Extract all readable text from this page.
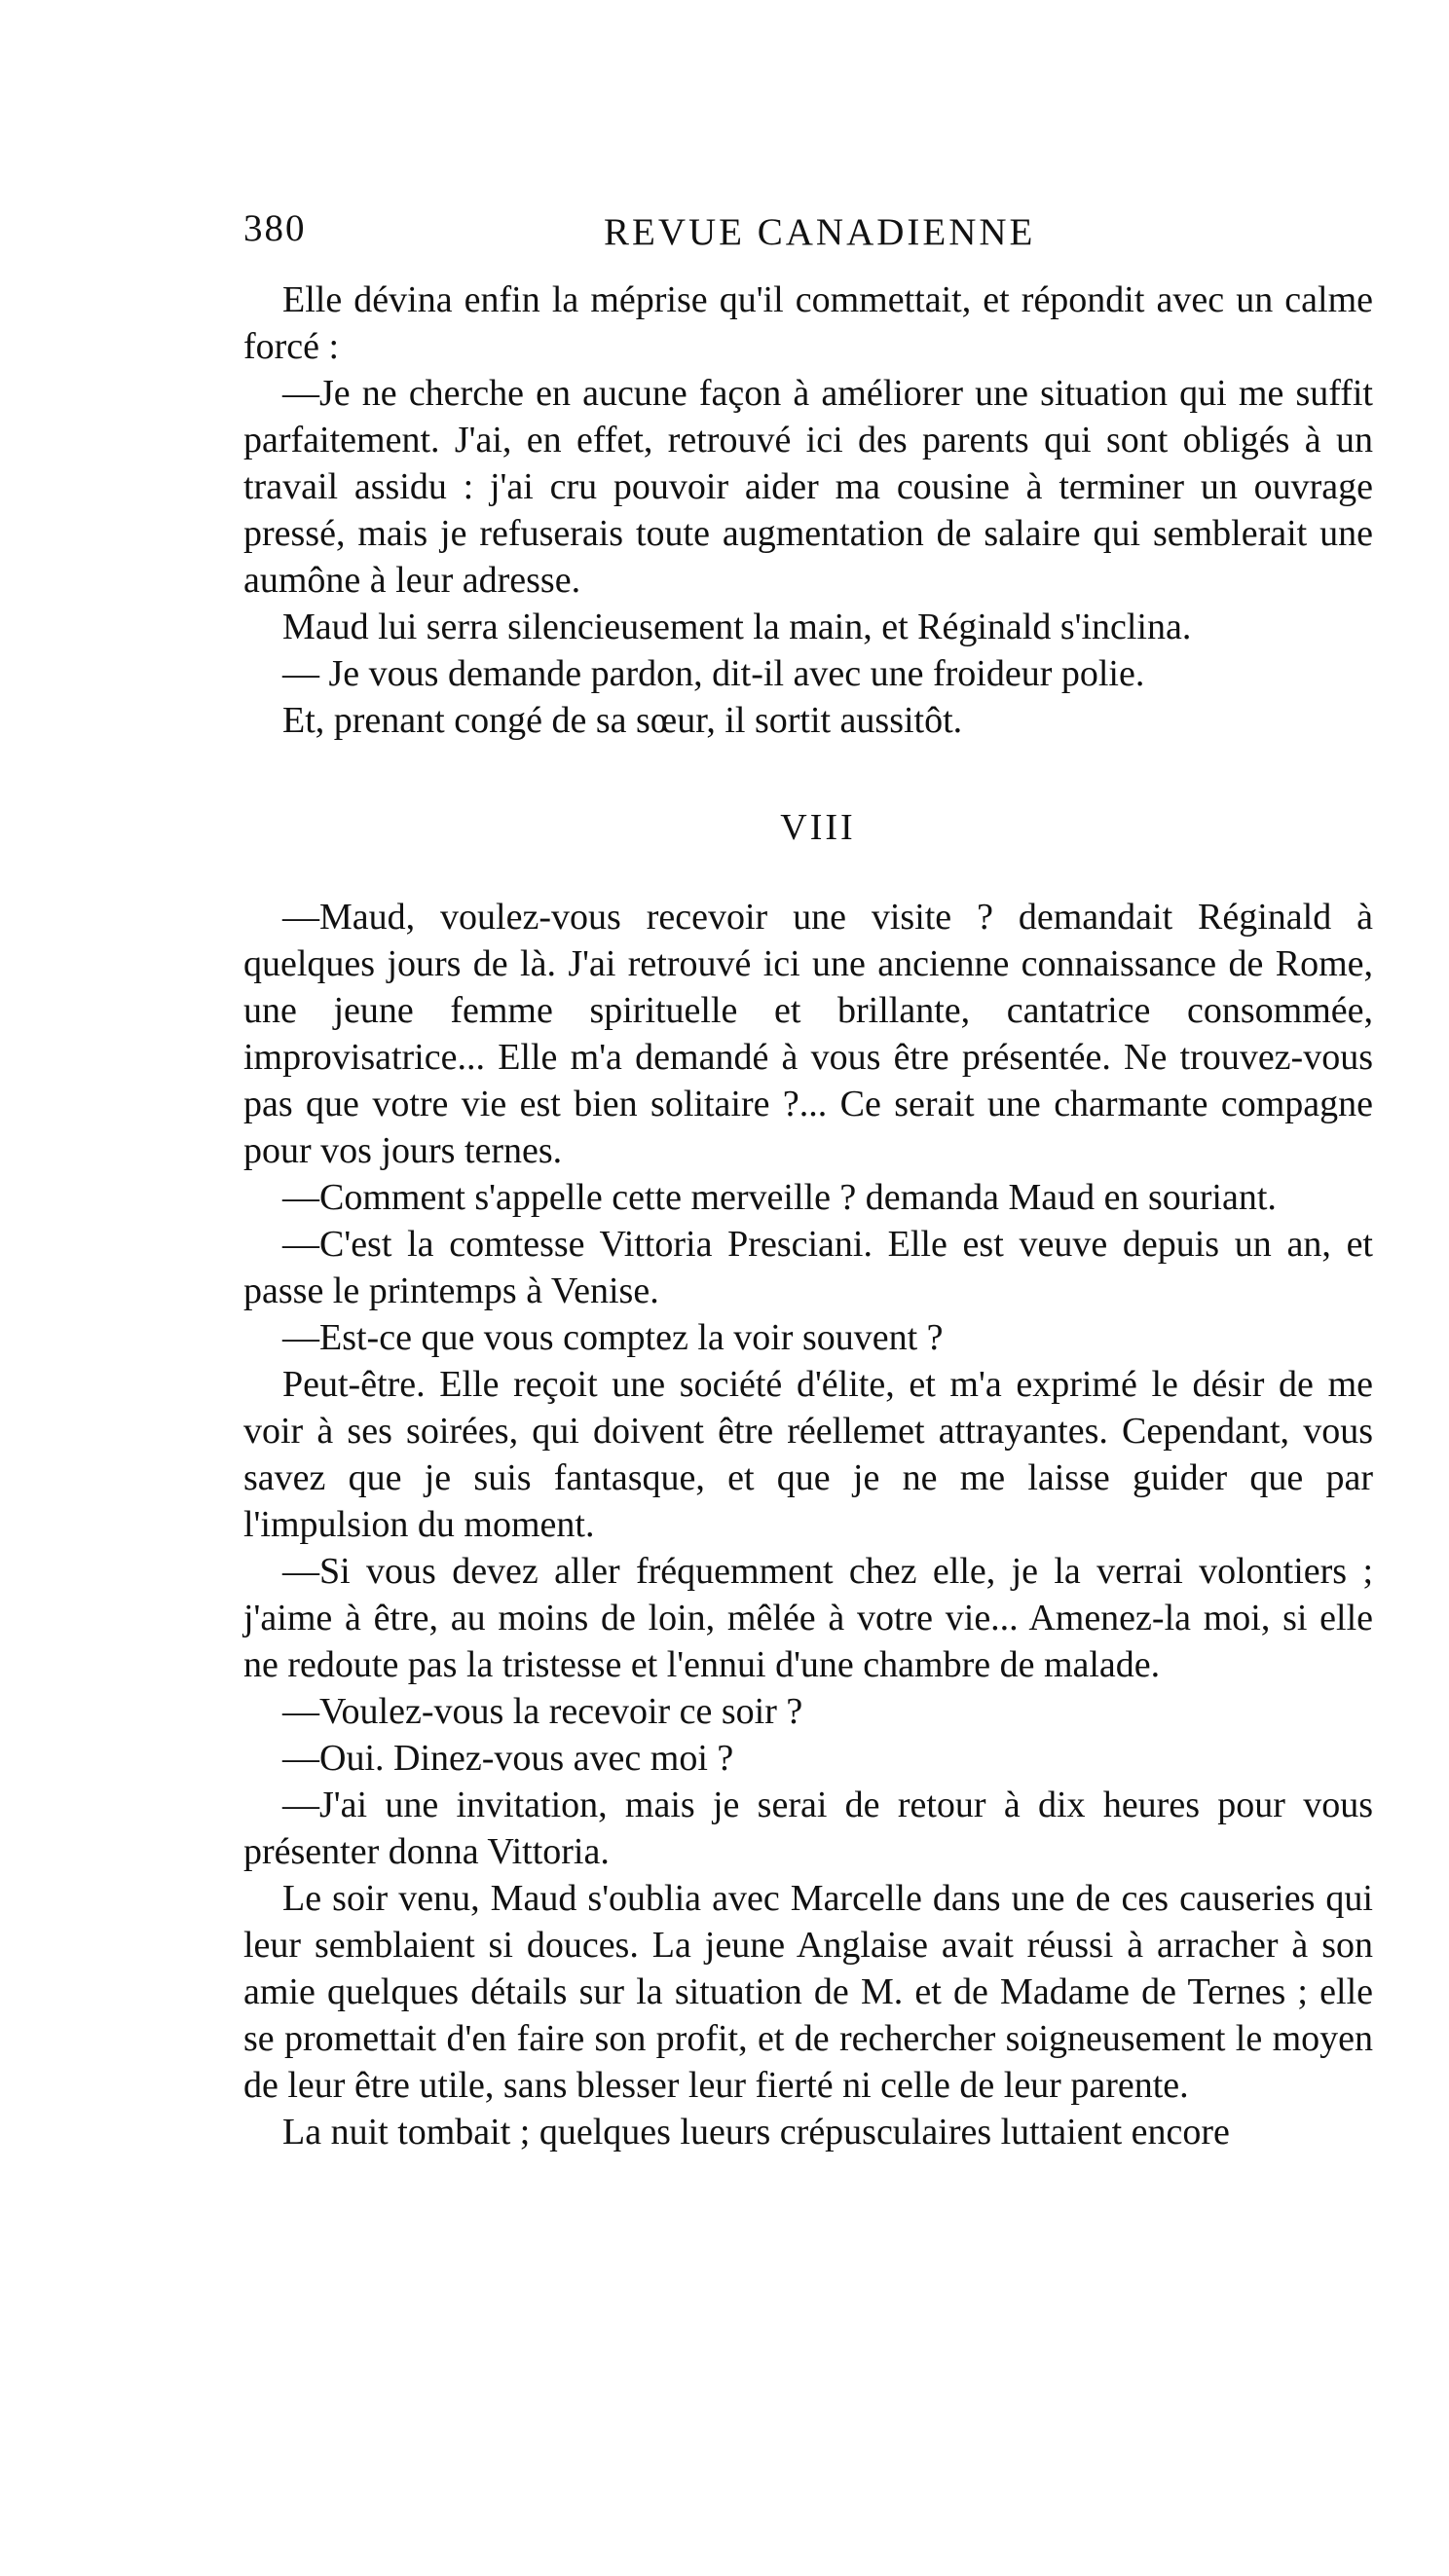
380	REVUE CANADIENNE

Elle dévina enfin la méprise qu'il commettait, et répondit avec un calme forcé :

—Je ne cherche en aucune façon à améliorer une situation qui me suffit parfaitement. J'ai, en effet, retrouvé ici des parents qui sont obligés à un travail assidu : j'ai cru pouvoir aider ma cousine à terminer un ouvrage pressé, mais je refuserais toute augmentation de salaire qui semblerait une aumône à leur adresse.

Maud lui serra silencieusement la main, et Réginald s'inclina.

— Je vous demande pardon, dit-il avec une froideur polie.

Et, prenant congé de sa sœur, il sortit aussitôt.

VIII

—Maud, voulez-vous recevoir une visite ? demandait Réginald à quelques jours de là. J'ai retrouvé ici une ancienne connaissance de Rome, une jeune femme spirituelle et brillante, cantatrice consommée, improvisatrice... Elle m'a demandé à vous être présentée. Ne trouvez-vous pas que votre vie est bien solitaire ?... Ce serait une charmante compagne pour vos jours ternes.

—Comment s'appelle cette merveille ? demanda Maud en souriant.

—C'est la comtesse Vittoria Presciani. Elle est veuve depuis un an, et passe le printemps à Venise.

—Est-ce que vous comptez la voir souvent ?

Peut-être. Elle reçoit une société d'élite, et m'a exprimé le désir de me voir à ses soirées, qui doivent être réellemet attrayantes. Cependant, vous savez que je suis fantasque, et que je ne me laisse guider que par l'impulsion du moment.

—Si vous devez aller fréquemment chez elle, je la verrai volontiers ; j'aime à être, au moins de loin, mêlée à votre vie... Amenez-la moi, si elle ne redoute pas la tristesse et l'ennui d'une chambre de malade.

—Voulez-vous la recevoir ce soir ?

—Oui. Dinez-vous avec moi ?

—J'ai une invitation, mais je serai de retour à dix heures pour vous présenter donna Vittoria.

Le soir venu, Maud s'oublia avec Marcelle dans une de ces causeries qui leur semblaient si douces. La jeune Anglaise avait réussi à arracher à son amie quelques détails sur la situation de M. et de Madame de Ternes ; elle se promettait d'en faire son profit, et de rechercher soigneusement le moyen de leur être utile, sans blesser leur fierté ni celle de leur parente.

La nuit tombait ; quelques lueurs crépusculaires luttaient encore
